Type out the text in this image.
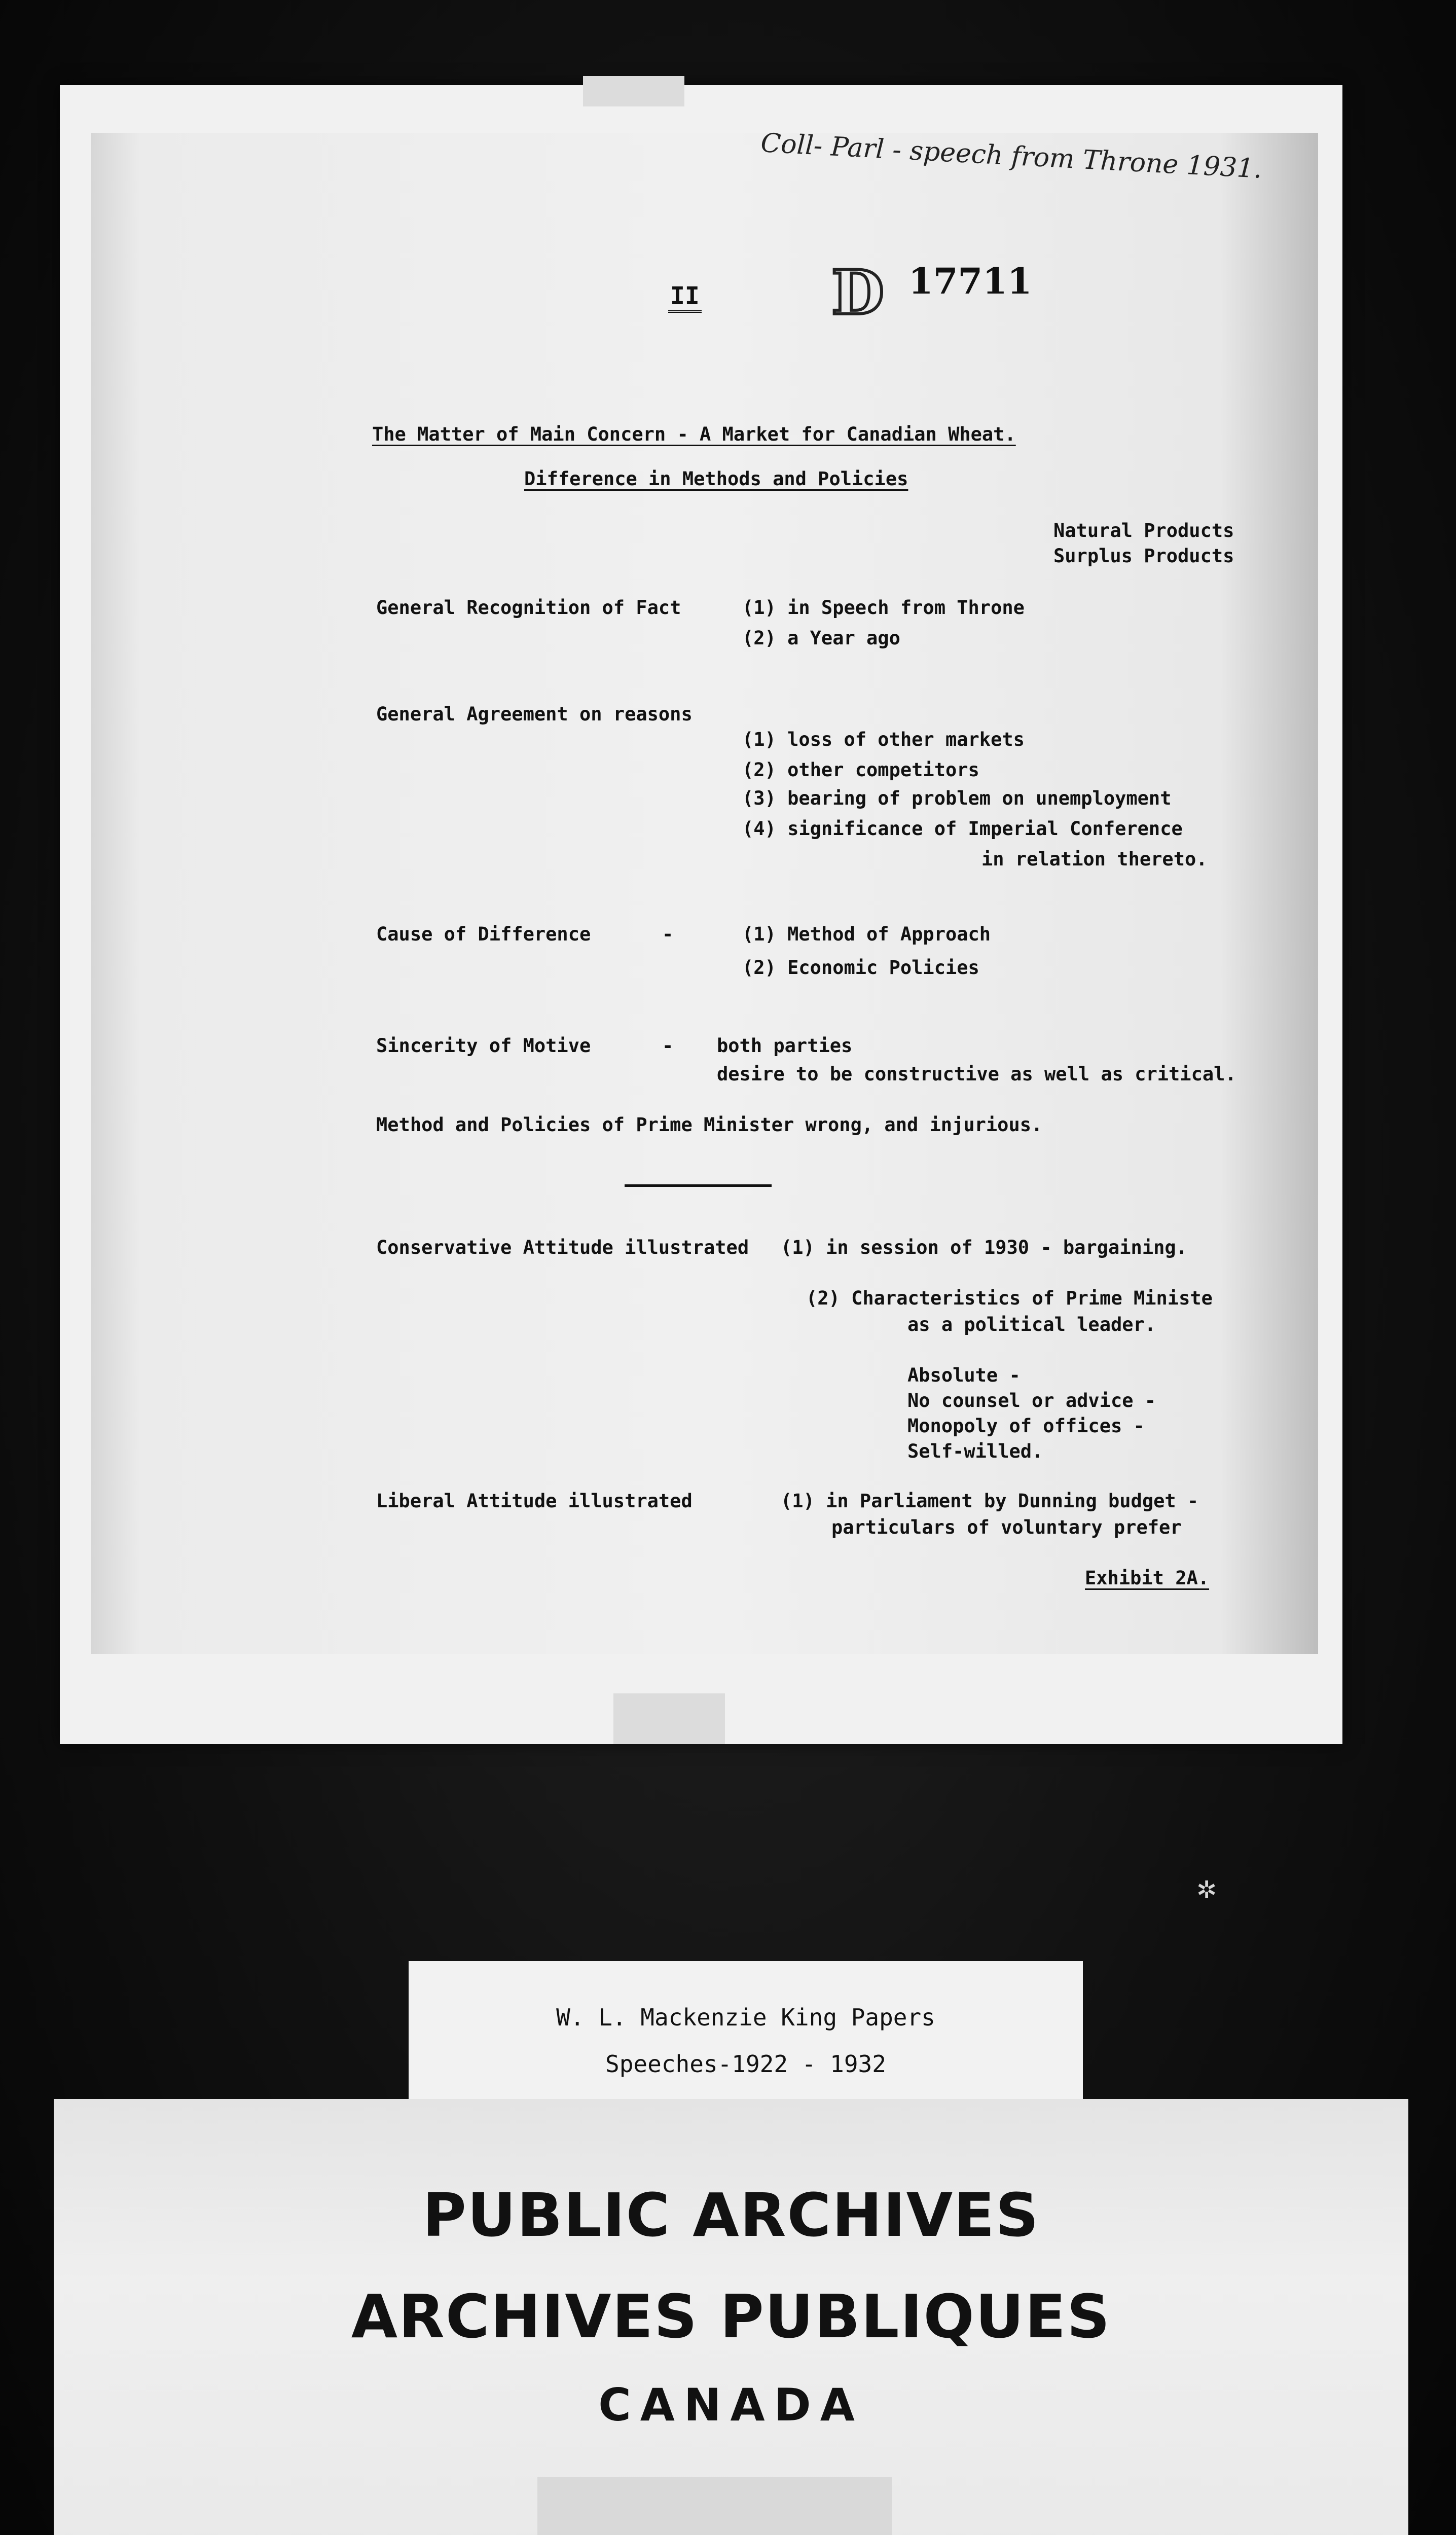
Coll- Parl - speech from Throne 1931.

II D 17711

The Matter of Main Concern - A Market for Canadian Wheat.

Difference in Methods and Policies

Natural Products

Surplus Products

General Recognition of Fact	(1) in Speech from Throne

(2) a Year ago

General Agreement on reasons

(1) loss of other markets

(2) other competitors

(3) bearing of problem on unemployment

(4) significance of Imperial Conference

in relation thereto.

Cause of Difference	-	(1) Method of Approach

(2) Economic Policies

Sincerity of Motive	- both parties

desire to be constructive as well as critical.

Method and Policies of Prime Minister wrong, and injurious.

Conservative Attitude illustrated (1) in session of 1930 - bargaining.

(2) Characteristics of Prime Ministe

as a political leader.

Absolute -

No counsel or advice -

Monopoly of offices -

Self-willed.

Liberal Attitude illustrated	(1) in Parliament by Dunning budget -

particulars of voluntary prefer

Exhibit 2A.

✲

W. L. Mackenzie King Papers

Speeches-1922 - 1932

PUBLIC ARCHIVES

ARCHIVES PUBLIQUES

CANADA
